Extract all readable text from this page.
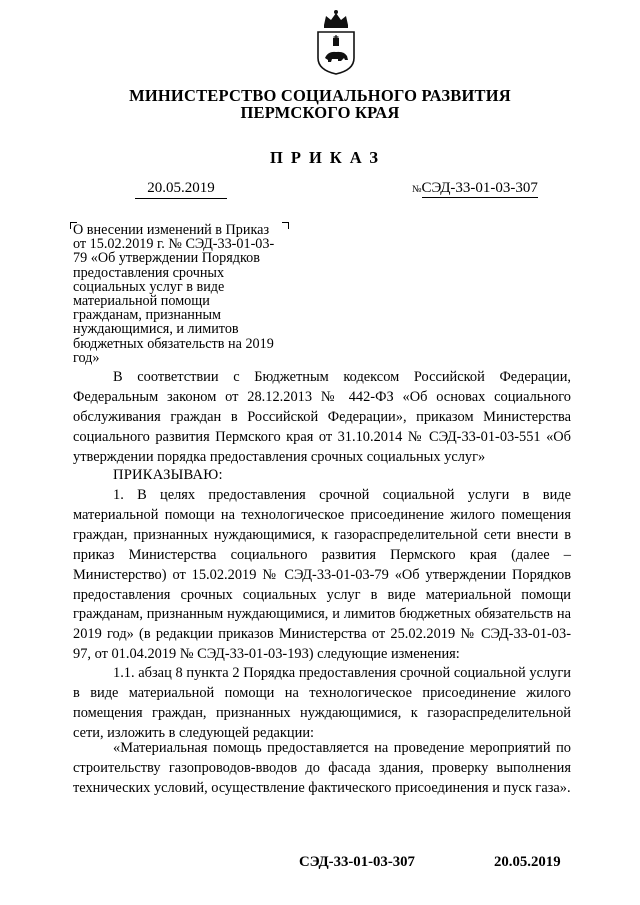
МИНИСТЕРСТВО СОЦИАЛЬНОГО РАЗВИТИЯ
ПЕРМСКОГО КРАЯ
ПРИКАЗ
20.05.2019	№СЭД-33-01-03-307
О внесении изменений в Приказ от 15.02.2019 г. № СЭД-33-01-03-79 «Об утверждении Порядков предоставления срочных социальных услуг в виде материальной помощи гражданам, признанным нуждающимися, и лимитов бюджетных обязательств на 2019 год»
В соответствии с Бюджетным кодексом Российской Федерации, Федеральным законом от 28.12.2013 № 442-ФЗ «Об основах социального обслуживания граждан в Российской Федерации», приказом Министерства социального развития Пермского края от 31.10.2014 № СЭД-33-01-03-551 «Об утверждении порядка предоставления срочных социальных услуг»
ПРИКАЗЫВАЮ:
1. В целях предоставления срочной социальной услуги в виде материальной помощи на технологическое присоединение жилого помещения граждан, признанных нуждающимися, к газораспределительной сети внести в приказ Министерства социального развития Пермского края (далее – Министерство) от 15.02.2019 № СЭД-33-01-03-79 «Об утверждении Порядков предоставления срочных социальных услуг в виде материальной помощи гражданам, признанным нуждающимися, и лимитов бюджетных обязательств на 2019 год» (в редакции приказов Министерства от 25.02.2019 № СЭД-33-01-03-97, от 01.04.2019 № СЭД-33-01-03-193) следующие изменения:
1.1. абзац 8 пункта 2 Порядка предоставления срочной социальной услуги в виде материальной помощи на технологическое присоединение жилого помещения граждан, признанных нуждающимися, к газораспределительной сети, изложить в следующей редакции:
«Материальная помощь предоставляется на проведение мероприятий по строительству газопроводов-вводов до фасада здания, проверку выполнения технических условий, осуществление фактического присоединения и пуск газа».
СЭД-33-01-03-307	20.05.2019
